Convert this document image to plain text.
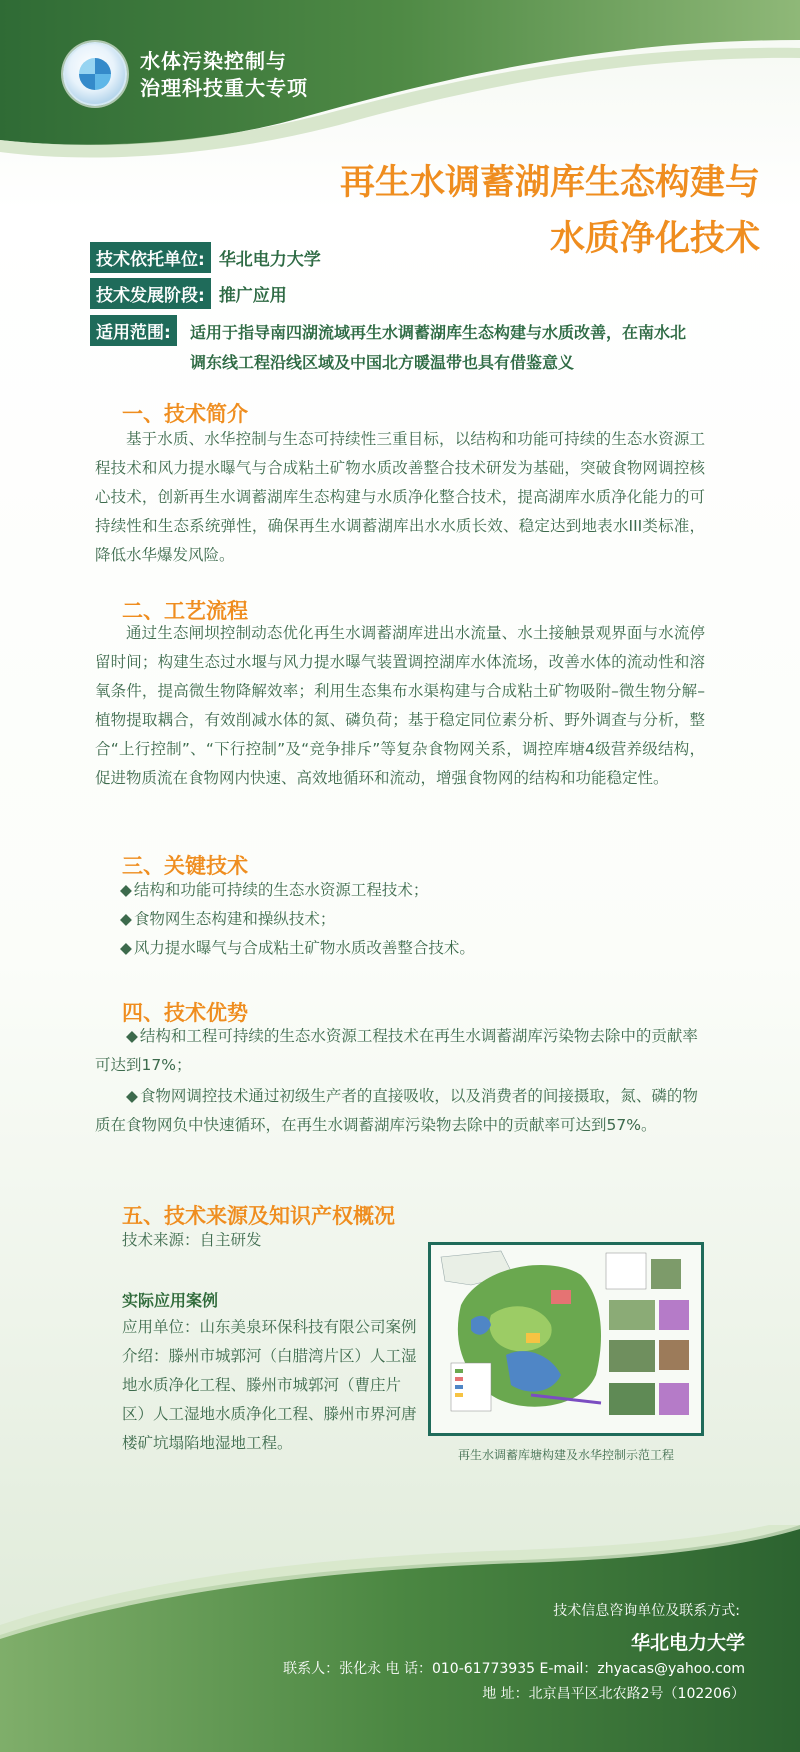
水体污染控制与
治理科技重大专项
再生水调蓄湖库生态构建与
水质净化技术
技术依托单位: 华北电力大学
技术发展阶段: 推广应用
适用范围:	适用于指导南四湖流域再生水调蓄湖库生态构建与水质改善，在南水北
调东线工程沿线区域及中国北方暖温带也具有借鉴意义
一、技术简介
基于水质、水华控制与生态可持续性三重目标，以结构和功能可持续的生态水资源工程技术和风力提水曝气与合成粘土矿物水质改善整合技术研发为基础，突破食物网调控核心技术，创新再生水调蓄湖库生态构建与水质净化整合技术，提高湖库水质净化能力的可持续性和生态系统弹性，确保再生水调蓄湖库出水水质长效、稳定达到地表水III类标准，降低水华爆发风险。
二、工艺流程
通过生态闸坝控制动态优化再生水调蓄湖库进出水流量、水土接触景观界面与水流停留时间；构建生态过水堰与风力提水曝气装置调控湖库水体流场，改善水体的流动性和溶氧条件，提高微生物降解效率；利用生态集布水渠构建与合成粘土矿物吸附–微生物分解–植物提取耦合，有效削减水体的氮、磷负荷；基于稳定同位素分析、野外调查与分析，整合“上行控制”、“下行控制”及“竞争排斥”等复杂食物网关系，调控库塘4级营养级结构，促进物质流在食物网内快速、高效地循环和流动，增强食物网的结构和功能稳定性。
三、关键技术
◆ 结构和功能可持续的生态水资源工程技术；
◆ 食物网生态构建和操纵技术；
◆ 风力提水曝气与合成粘土矿物水质改善整合技术。
四、技术优势
◆ 结构和工程可持续的生态水资源工程技术在再生水调蓄湖库污染物去除中的贡献率可达到17%；
◆ 食物网调控技术通过初级生产者的直接吸收，以及消费者的间接摄取，氮、磷的物质在食物网负中快速循环，在再生水调蓄湖库污染物去除中的贡献率可达到57%。
五、技术来源及知识产权概况
技术来源：自主研发
实际应用案例
应用单位：山东美泉环保科技有限公司案例介绍：滕州市城郭河（白腊湾片区）人工湿地水质净化工程、滕州市城郭河（曹庄片区）人工湿地水质净化工程、滕州市界河唐楼矿坑塌陷地湿地工程。
再生水调蓄库塘构建及水华控制示范工程
技术信息咨询单位及联系方式:
华北电力大学
联系人：张化永 电 话：010-61773935 E-mail：zhyacas@yahoo.com
地 址：北京昌平区北农路2号（102206）
